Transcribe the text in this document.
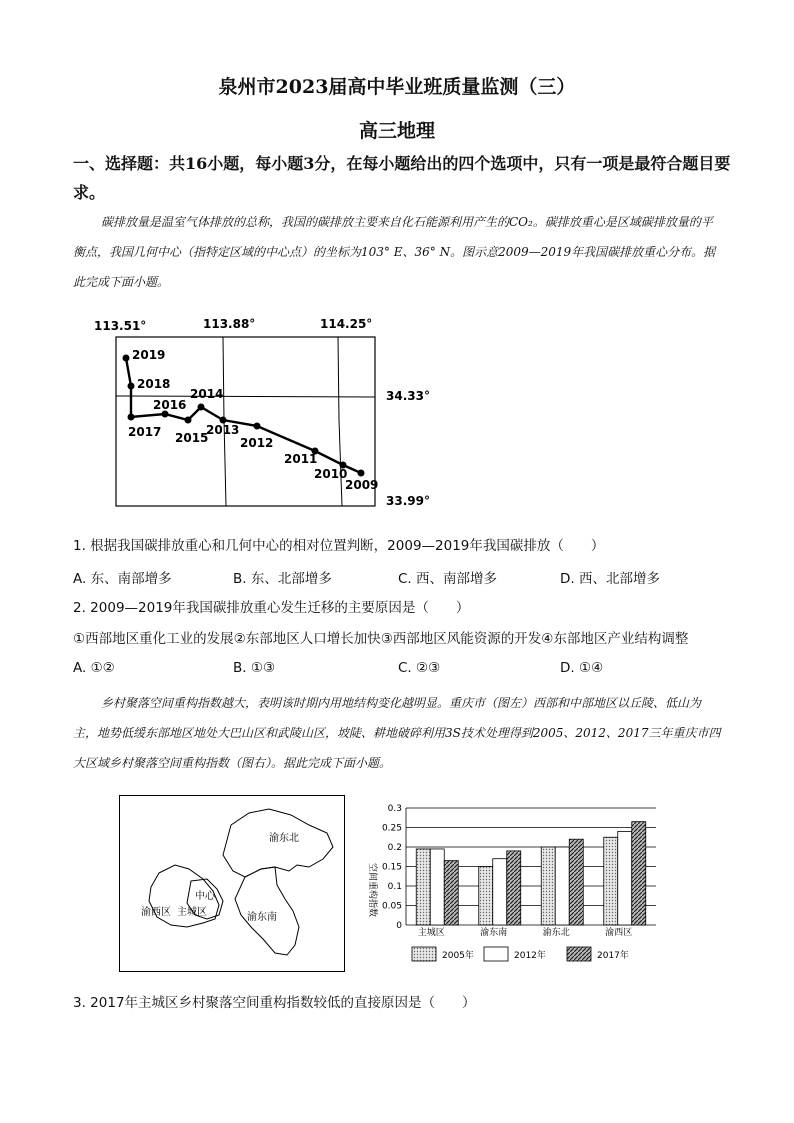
泉州市2023届高中毕业班质量监测（三）
高三地理
一、选择题：共16小题，每小题3分，在每小题给出的四个选项中，只有一项是最符合题目要求。
碳排放量是温室气体排放的总称，我国的碳排放主要来自化石能源利用产生的CO₂。碳排放重心是区域碳排放量的平衡点，我国几何中心（指特定区域的中心点）的坐标为103° E、36° N。图示意2009—2019年我国碳排放重心分布。据此完成下面小题。
113.51°	113.88°	114.25°
34.33°
33.99°
2019
2018
2017
2016
2015
2014
2013
2012
2011
2010
2009
1. 根据我国碳排放重心和几何中心的相对位置判断，2009—2019年我国碳排放（　　）
A. 东、南部增多	B. 东、北部增多	C. 西、南部增多	D. 西、北部增多
2. 2009—2019年我国碳排放重心发生迁移的主要原因是（　　）
①西部地区重化工业的发展②东部地区人口增长加快③西部地区风能资源的开发④东部地区产业结构调整
A. ①②	B. ①③	C. ②③	D. ①④
乡村聚落空间重构指数越大，表明该时期内用地结构变化越明显。重庆市（图左）西部和中部地区以丘陵、低山为主，地势低缓东部地区地处大巴山区和武陵山区，坡陡、耕地破碎利用3S技术处理得到2005、2012、2017三年重庆市四大区域乡村聚落空间重构指数（图右）。据此完成下面小题。
渝东北
中心
渝西区 主城区	渝东南
0
0.05
0.1
0.15
0.2
0.25
0.3
空间重构指数
主城区	渝东南	渝东北	渝西区
2005年	2012年	2017年
3. 2017年主城区乡村聚落空间重构指数较低的直接原因是（　　）
